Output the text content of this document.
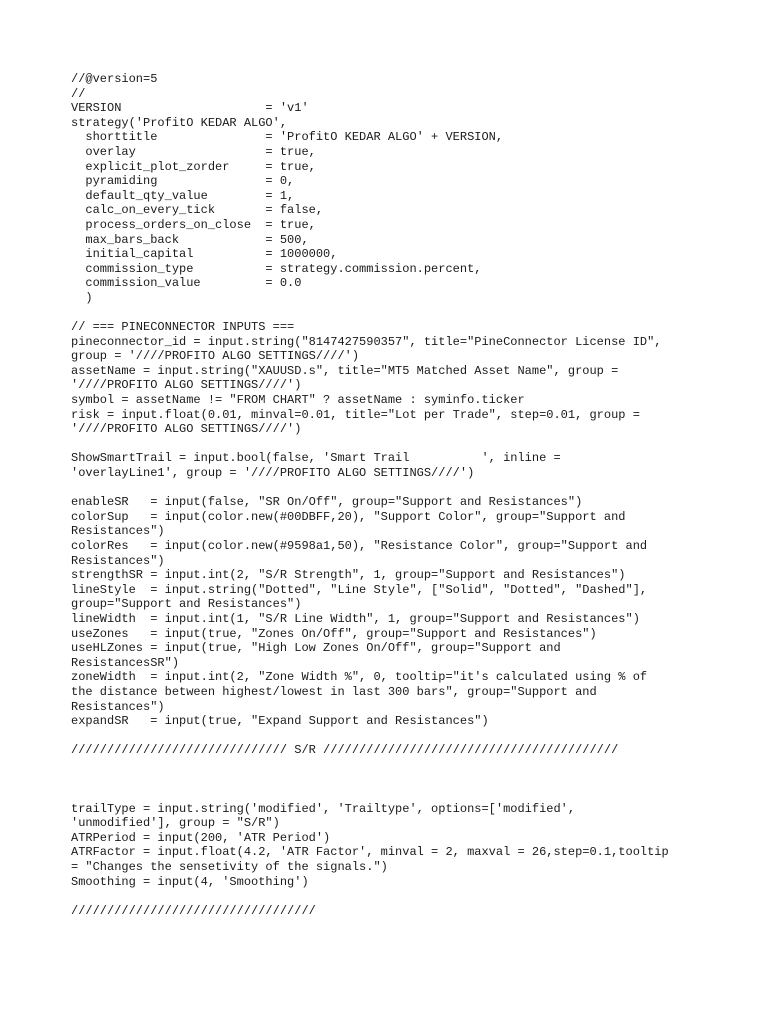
//@version=5
//
VERSION                    = 'v1'
strategy('ProfitO KEDAR ALGO',
shorttitle               = 'ProfitO KEDAR ALGO' + VERSION,
overlay                  = true,
explicit_plot_zorder     = true,
pyramiding               = 0,
default_qty_value        = 1,
calc_on_every_tick       = false,
process_orders_on_close  = true,
max_bars_back            = 500,
initial_capital          = 1000000,
commission_type          = strategy.commission.percent,
commission_value         = 0.0
)
// === PINECONNECTOR INPUTS ===
pineconnector_id = input.string("8147427590357", title="PineConnector License ID",
group = '////PROFITO ALGO SETTINGS////')
assetName = input.string("XAUUSD.s", title="MT5 Matched Asset Name", group =
'////PROFITO ALGO SETTINGS////')
symbol = assetName != "FROM CHART" ? assetName : syminfo.ticker
risk = input.float(0.01, minval=0.01, title="Lot per Trade", step=0.01, group =
'////PROFITO ALGO SETTINGS////')
ShowSmartTrail = input.bool(false, 'Smart Trail          ', inline =
'overlayLine1', group = '////PROFITO ALGO SETTINGS////')
enableSR   = input(false, "SR On/Off", group="Support and Resistances")
colorSup   = input(color.new(#00DBFF,20), "Support Color", group="Support and
Resistances")
colorRes   = input(color.new(#9598a1,50), "Resistance Color", group="Support and
Resistances")
strengthSR = input.int(2, "S/R Strength", 1, group="Support and Resistances")
lineStyle  = input.string("Dotted", "Line Style", ["Solid", "Dotted", "Dashed"],
group="Support and Resistances")
lineWidth  = input.int(1, "S/R Line Width", 1, group="Support and Resistances")
useZones   = input(true, "Zones On/Off", group="Support and Resistances")
useHLZones = input(true, "High Low Zones On/Off", group="Support and
ResistancesSR")
zoneWidth  = input.int(2, "Zone Width %", 0, tooltip="it's calculated using % of
the distance between highest/lowest in last 300 bars", group="Support and
Resistances")
expandSR   = input(true, "Expand Support and Resistances")
////////////////////////////// S/R /////////////////////////////////////////
trailType = input.string('modified', 'Trailtype', options=['modified',
'unmodified'], group = "S/R")
ATRPeriod = input(200, 'ATR Period')
ATRFactor = input.float(4.2, 'ATR Factor', minval = 2, maxval = 26,step=0.1,tooltip
= "Changes the sensetivity of the signals.")
Smoothing = input(4, 'Smoothing')
//////////////////////////////////
